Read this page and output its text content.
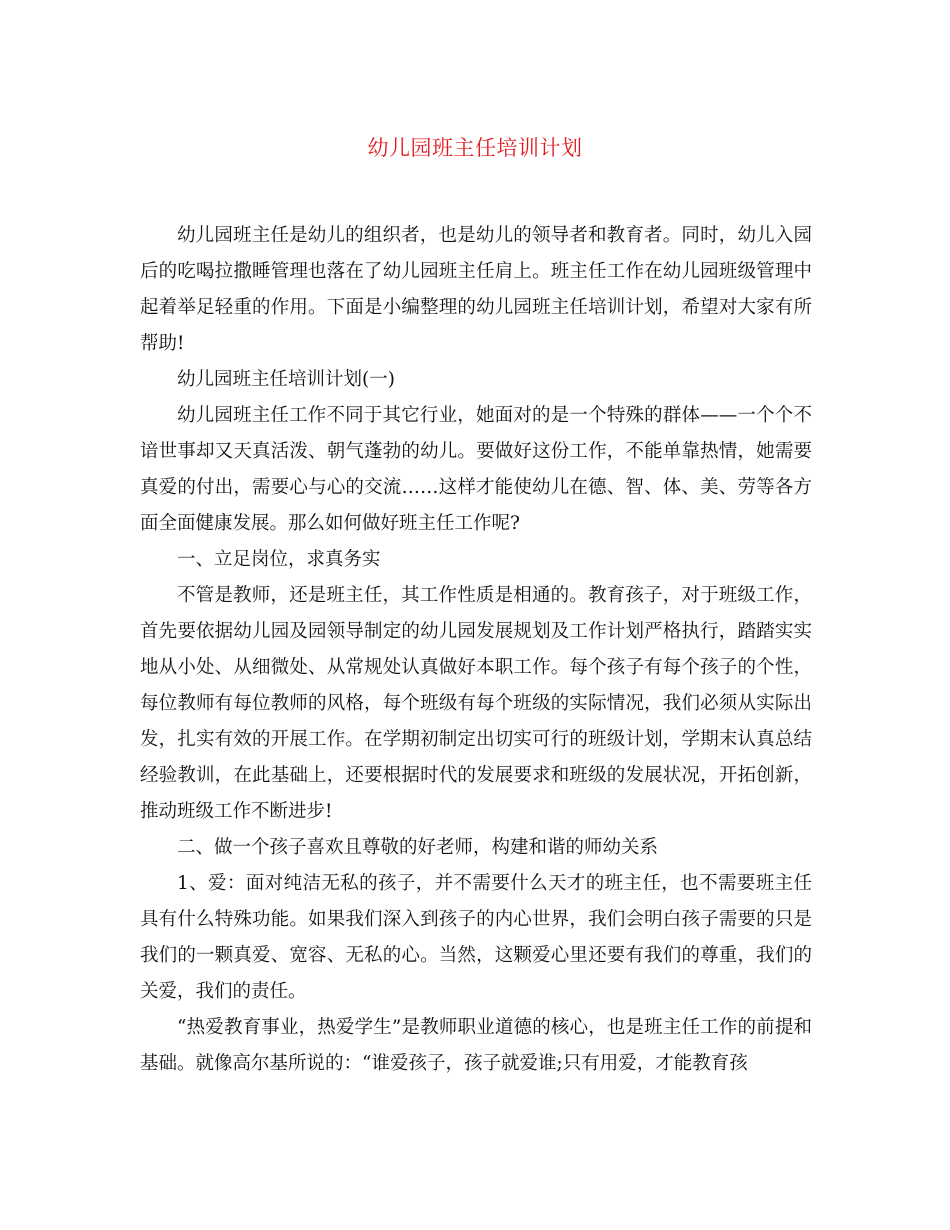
幼儿园班主任培训计划

幼儿园班主任是幼儿的组织者，也是幼儿的领导者和教育者。同时，幼儿入园后的吃喝拉撒睡管理也落在了幼儿园班主任肩上。班主任工作在幼儿园班级管理中起着举足轻重的作用。下面是小编整理的幼儿园班主任培训计划，希望对大家有所帮助!

幼儿园班主任培训计划(一)

幼儿园班主任工作不同于其它行业，她面对的是一个特殊的群体——一个个不谙世事却又天真活泼、朝气蓬勃的幼儿。要做好这份工作，不能单靠热情，她需要真爱的付出，需要心与心的交流……这样才能使幼儿在德、智、体、美、劳等各方面全面健康发展。那么如何做好班主任工作呢?

一、立足岗位，求真务实

不管是教师，还是班主任，其工作性质是相通的。教育孩子，对于班级工作，首先要依据幼儿园及园领导制定的幼儿园发展规划及工作计划严格执行，踏踏实实地从小处、从细微处、从常规处认真做好本职工作。每个孩子有每个孩子的个性，每位教师有每位教师的风格，每个班级有每个班级的实际情况，我们必须从实际出发，扎实有效的开展工作。在学期初制定出切实可行的班级计划，学期末认真总结经验教训，在此基础上，还要根据时代的发展要求和班级的发展状况，开拓创新，推动班级工作不断进步!

二、做一个孩子喜欢且尊敬的好老师，构建和谐的师幼关系

1、爱：面对纯洁无私的孩子，并不需要什么天才的班主任，也不需要班主任具有什么特殊功能。如果我们深入到孩子的内心世界，我们会明白孩子需要的只是我们的一颗真爱、宽容、无私的心。当然，这颗爱心里还要有我们的尊重，我们的关爱，我们的责任。

“热爱教育事业，热爱学生”是教师职业道德的核心，也是班主任工作的前提和基础。就像高尔基所说的：“谁爱孩子，孩子就爱谁;只有用爱，才能教育孩
